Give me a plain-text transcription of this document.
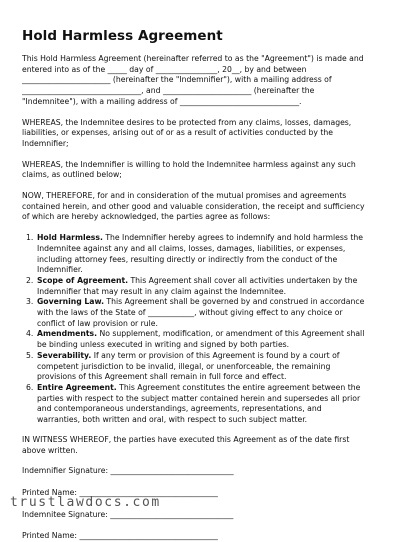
Hold Harmless Agreement
This Hold Harmless Agreement (hereinafter referred to as the "Agreement") is made and
entered into as of the _____ day of ________________, 20__, by and between
_______________________ (hereinafter the "Indemnifier"), with a mailing address of
_______________________________, and _______________________ (hereinafter the
"Indemnitee"), with a mailing address of _______________________________.
WHEREAS, the Indemnitee desires to be protected from any claims, losses, damages,
liabilities, or expenses, arising out of or as a result of activities conducted by the
Indemnifier;
WHEREAS, the Indemnifier is willing to hold the Indemnitee harmless against any such
claims, as outlined below;
NOW, THEREFORE, for and in consideration of the mutual promises and agreements
contained herein, and other good and valuable consideration, the receipt and sufficiency
of which are hereby acknowledged, the parties agree as follows:
1. Hold Harmless. The Indemnifier hereby agrees to indemnify and hold harmless the
Indemnitee against any and all claims, losses, damages, liabilities, or expenses,
including attorney fees, resulting directly or indirectly from the conduct of the
Indemnifier.
2. Scope of Agreement. This Agreement shall cover all activities undertaken by the
Indemnifier that may result in any claim against the Indemnitee.
3. Governing Law. This Agreement shall be governed by and construed in accordance
with the laws of the State of ____________, without giving effect to any choice or
conflict of law provision or rule.
4. Amendments. No supplement, modification, or amendment of this Agreement shall
be binding unless executed in writing and signed by both parties.
5. Severability. If any term or provision of this Agreement is found by a court of
competent jurisdiction to be invalid, illegal, or unenforceable, the remaining
provisions of this Agreement shall remain in full force and effect.
6. Entire Agreement. This Agreement constitutes the entire agreement between the
parties with respect to the subject matter contained herein and supersedes all prior
and contemporaneous understandings, agreements, representations, and
warranties, both written and oral, with respect to such subject matter.
IN WITNESS WHEREOF, the parties have executed this Agreement as of the date first
above written.
Indemnifier Signature: ________________________________
Printed Name: ____________________________________
Indemnitee Signature: ________________________________
Printed Name: ____________________________________
trustlawdocs.com
